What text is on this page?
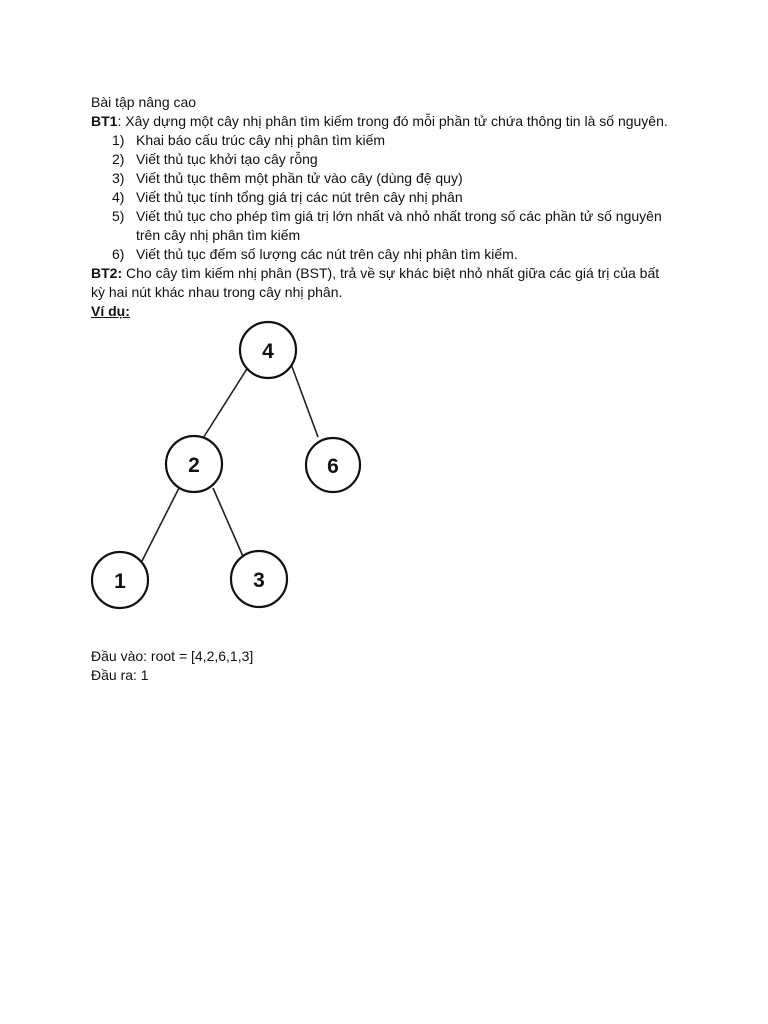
Bài tập nâng cao
BT1: Xây dựng một cây nhị phân tìm kiếm trong đó mỗi phần tử chứa thông tin là số nguyên.
1) Khai báo cấu trúc cây nhị phân tìm kiếm
2) Viết thủ tục khởi tạo cây rỗng
3) Viết thủ tục thêm một phần tử vào cây (dùng đệ quy)
4) Viết thủ tục tính tổng giá trị các nút trên cây nhị phân
5) Viết thủ tục cho phép tìm giá trị lớn nhất và nhỏ nhất trong số các phần tử số nguyên
trên cây nhị phân tìm kiếm
6) Viết thủ tục đếm số lượng các nút trên cây nhị phân tìm kiếm.
BT2: Cho cây tìm kiếm nhị phân (BST), trả về sự khác biệt nhỏ nhất giữa các giá trị của bất
kỳ hai nút khác nhau trong cây nhị phân.
Ví dụ:
4
2	6
1	3
Đầu vào: root = [4,2,6,1,3]
Đầu ra: 1
